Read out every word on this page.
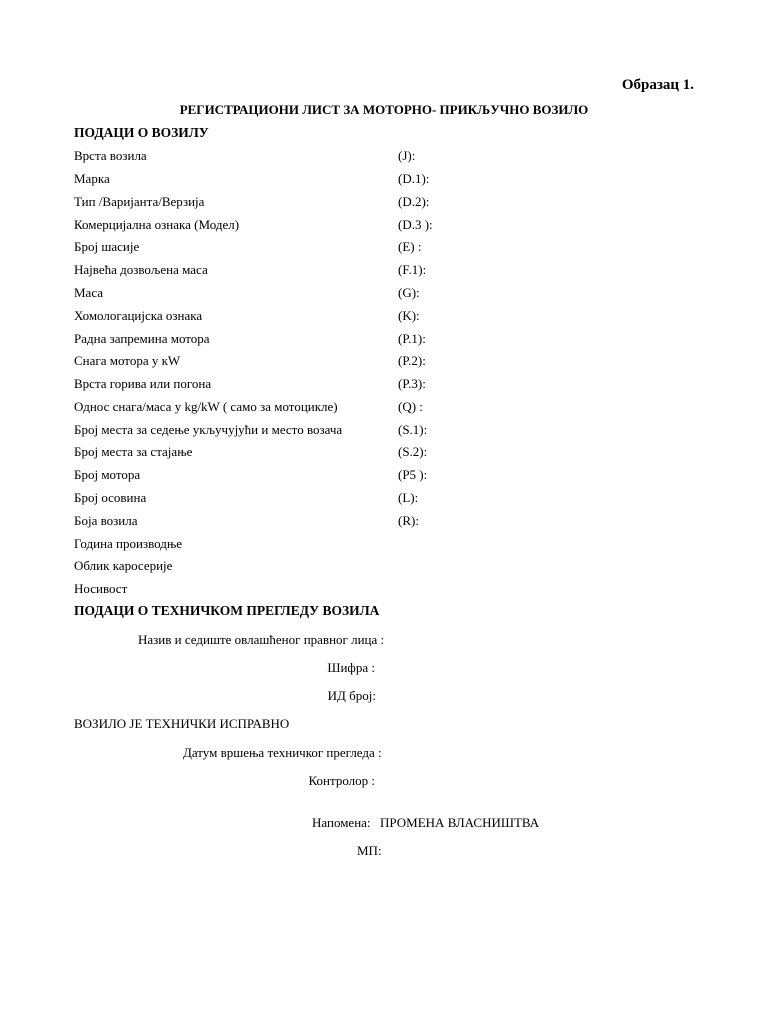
Образац 1.
РЕГИСТРАЦИОНИ ЛИСТ ЗА МОТОРНО- ПРИКЉУЧНО ВОЗИЛО
ПОДАЦИ О ВОЗИЛУ
Врста возила	(J):
Марка	(D.1):
Тип /Варијанта/Верзија	(D.2):
Комерцијална ознака (Модел)	(D.3 ):
Број шасије	(E) :
Највећа дозвољена маса	(F.1):
Маса	(G):
Хомологацијска ознака	(K):
Радна запремина мотора	(P.1):
Снага мотора у кW	(P.2):
Врста горива или погона	(P.3):
Однос снага/маса у kg/kW ( само за мотоцикле)	(Q) :
Број места за седење укључујући и место возача	(S.1):
Број места за стајање	(S.2):
Број мотора	(P5 ):
Број осовина	(L):
Боја возила	(R):
Година производње
Облик каросерије
Носивост
ПОДАЦИ О ТЕХНИЧКОМ ПРЕГЛЕДУ ВОЗИЛА
Назив и седиште овлашћеног правног лица :
Шифра :
ИД број:
ВОЗИЛО ЈЕ ТЕХНИЧКИ ИСПРАВНО
Датум вршења техничког прегледа :
Контролор :
Напомена: ПРОМЕНА ВЛАСНИШТВА
МП:
